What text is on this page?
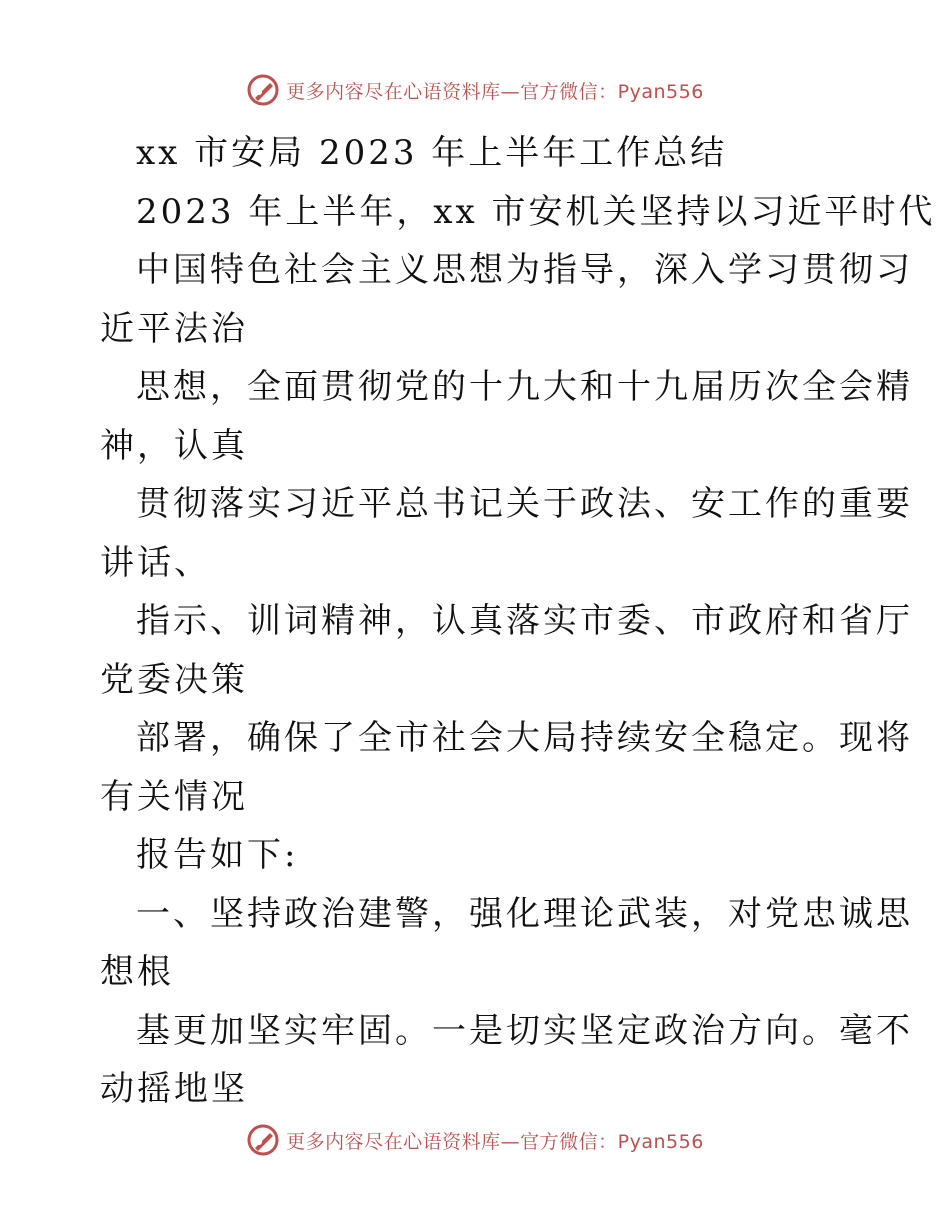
更多内容尽在心语资料库—官方微信：Pyan556
xx 市安局 2023 年上半年工作总结
2023 年上半年，xx 市安机关坚持以习近平时代
中国特色社会主义思想为指导，深入学习贯彻习
近平法治
思想，全面贯彻党的十九大和十九届历次全会精
神，认真
贯彻落实习近平总书记关于政法、安工作的重要
讲话、
指示、训词精神，认真落实市委、市政府和省厅
党委决策
部署，确保了全市社会大局持续安全稳定。现将
有关情况
报告如下:
一、坚持政治建警，强化理论武装，对党忠诚思
想根
基更加坚实牢固。一是切实坚定政治方向。毫不
动摇地坚
更多内容尽在心语资料库—官方微信：Pyan556
